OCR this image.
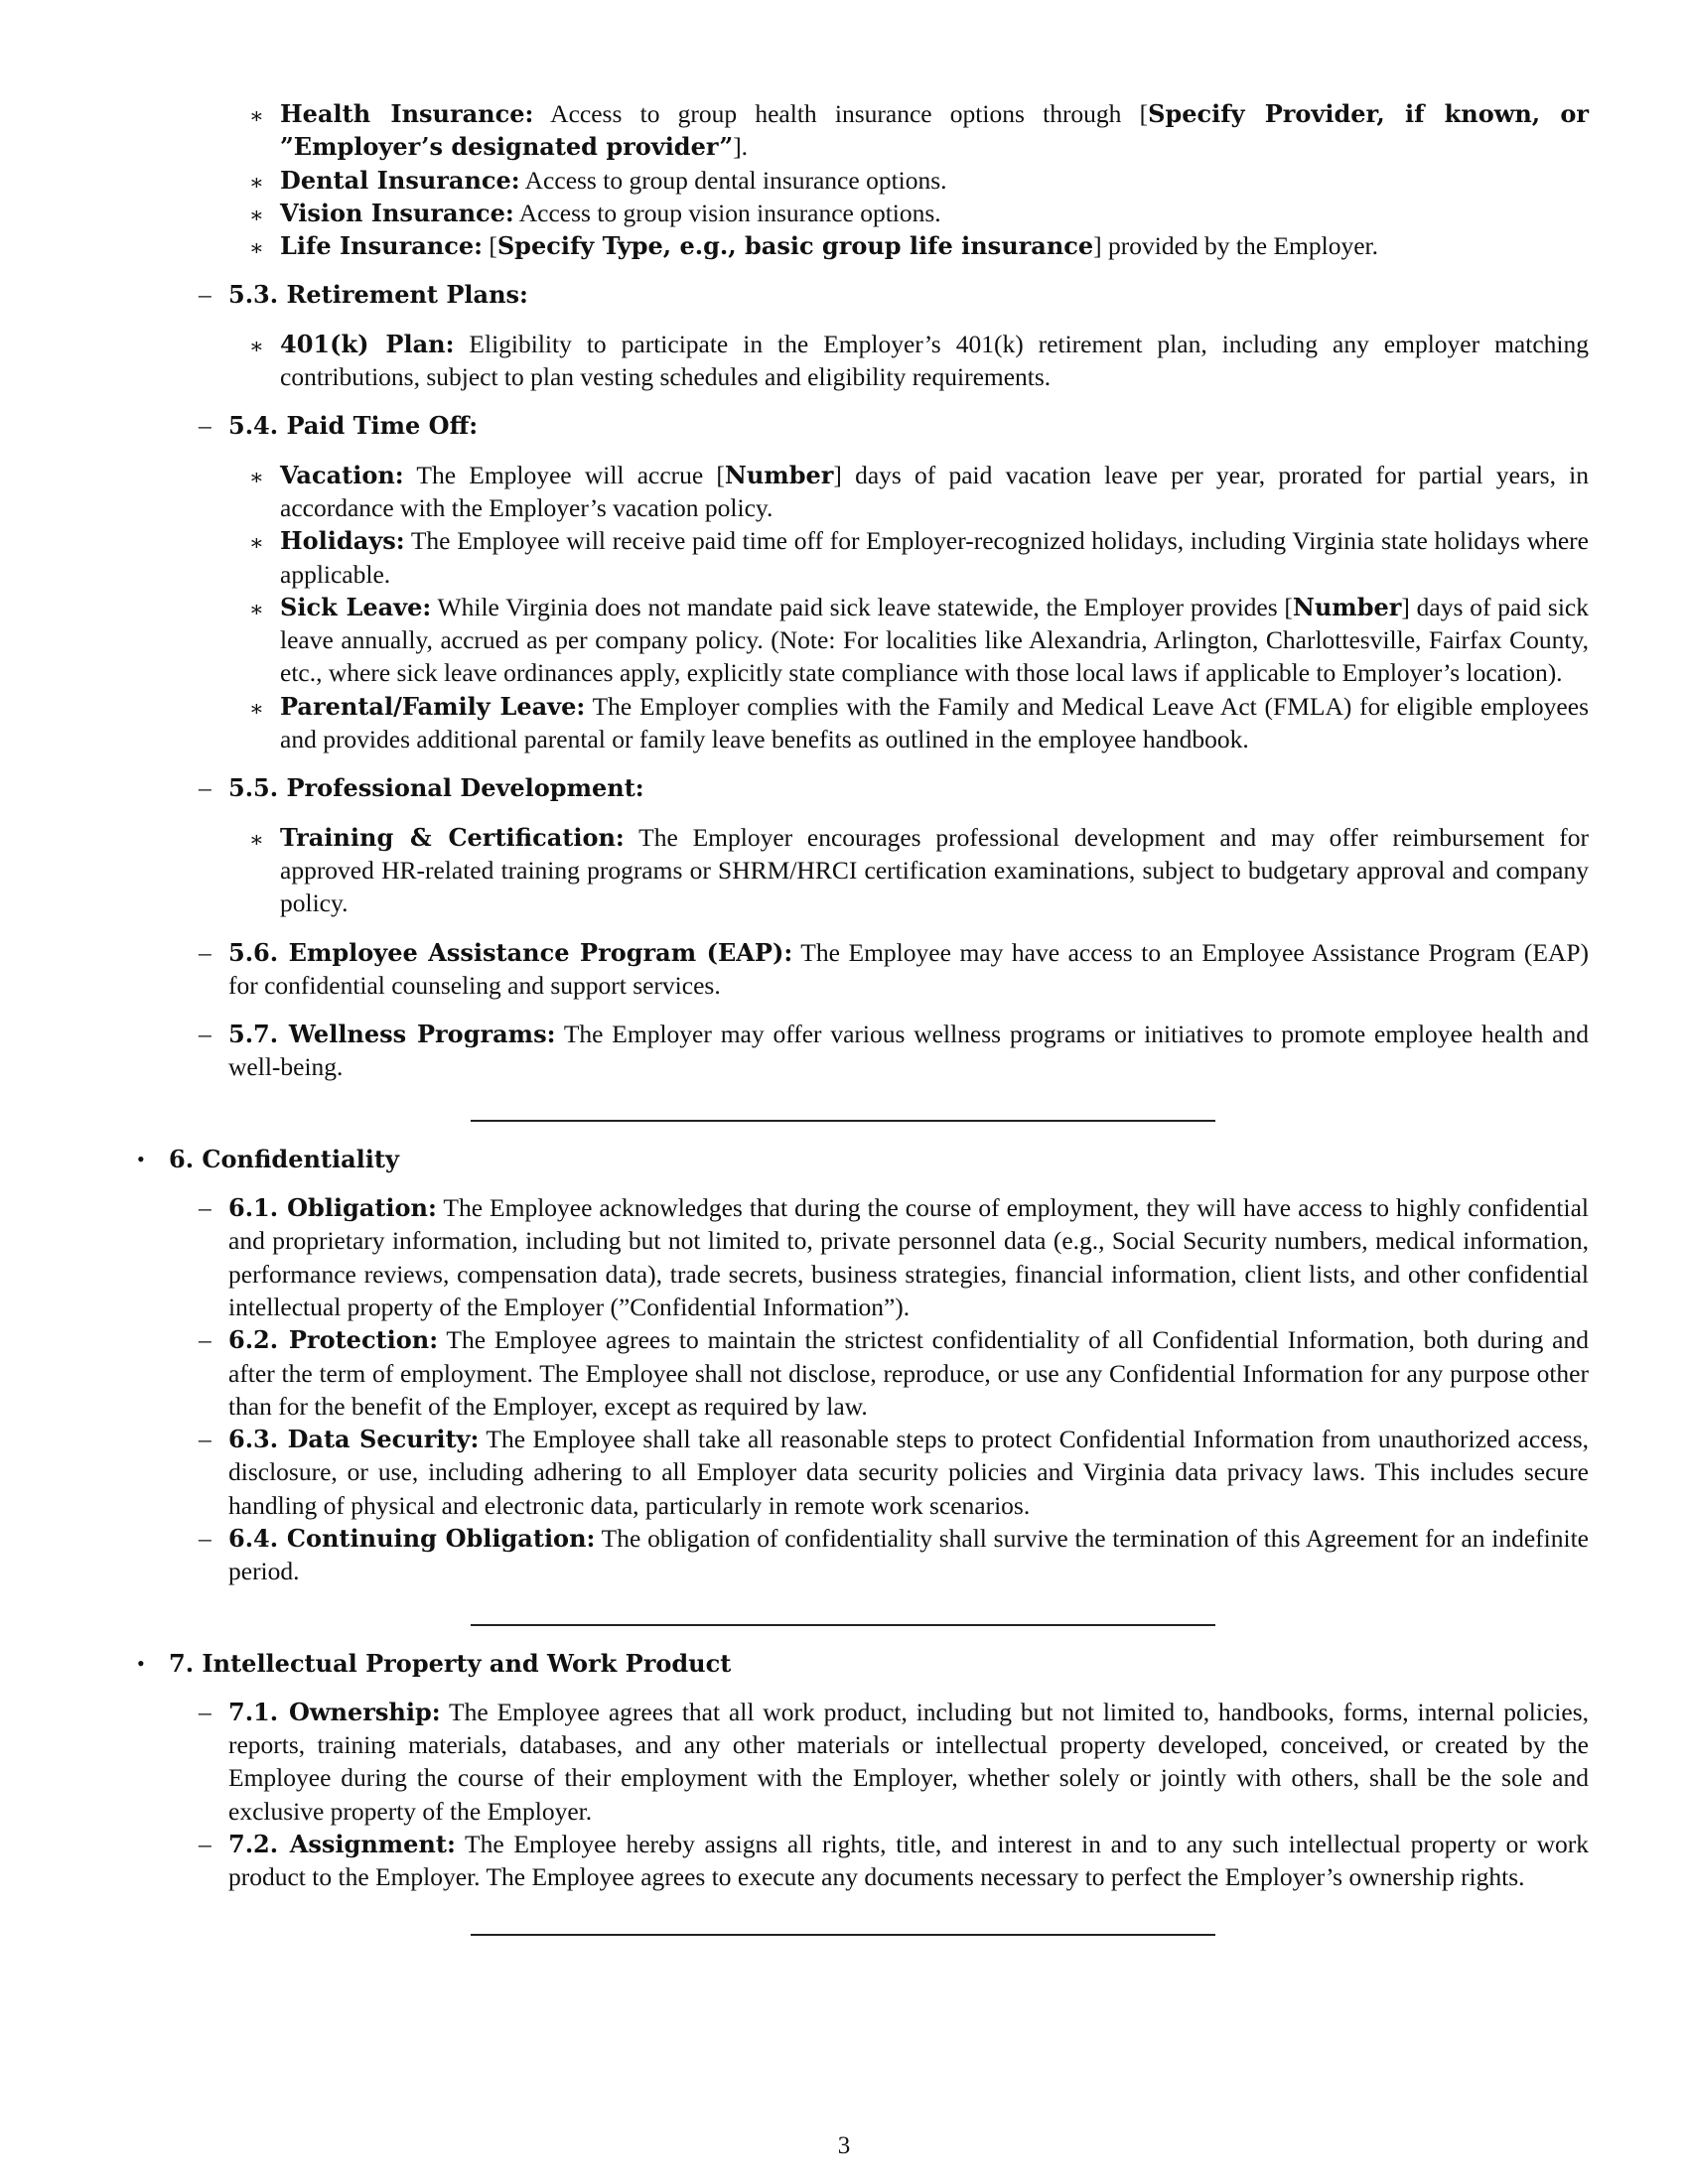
∗ Health Insurance: Access to group health insurance options through [Specify Provider, if known, or ”Employer’s designated provider”].
∗ Dental Insurance: Access to group dental insurance options.
∗ Vision Insurance: Access to group vision insurance options.
∗ Life Insurance: [Specify Type, e.g., basic group life insurance] provided by the Employer.
– 5.3. Retirement Plans:
∗ 401(k) Plan: Eligibility to participate in the Employer’s 401(k) retirement plan, including any employer matching contributions, subject to plan vesting schedules and eligibility requirements.
– 5.4. Paid Time Off:
∗ Vacation: The Employee will accrue [Number] days of paid vacation leave per year, prorated for partial years, in accordance with the Employer’s vacation policy.
∗ Holidays: The Employee will receive paid time off for Employer-recognized holidays, including Virginia state holidays where applicable.
∗ Sick Leave: While Virginia does not mandate paid sick leave statewide, the Employer provides [Number] days of paid sick leave annually, accrued as per company policy. (Note: For localities like Alexandria, Arlington, Charlottesville, Fairfax County, etc., where sick leave ordinances apply, explicitly state compliance with those local laws if applicable to Employer’s location).
∗ Parental/Family Leave: The Employer complies with the Family and Medical Leave Act (FMLA) for eligible employees and provides additional parental or family leave benefits as outlined in the employee handbook.
– 5.5. Professional Development:
∗ Training & Certification: The Employer encourages professional development and may offer reimbursement for approved HR-related training programs or SHRM/HRCI certification examinations, subject to budgetary approval and company policy.
– 5.6. Employee Assistance Program (EAP): The Employee may have access to an Employee Assistance Program (EAP) for confidential counseling and support services.
– 5.7. Wellness Programs: The Employer may offer various wellness programs or initiatives to promote employee health and well-being.
• 6. Confidentiality
– 6.1. Obligation: The Employee acknowledges that during the course of employment, they will have access to highly confidential and proprietary information, including but not limited to, private personnel data (e.g., Social Security numbers, medical information, performance reviews, compensation data), trade secrets, business strategies, financial information, client lists, and other confidential intellectual property of the Employer (”Confidential Information”).
– 6.2. Protection: The Employee agrees to maintain the strictest confidentiality of all Confidential Information, both during and after the term of employment. The Employee shall not disclose, reproduce, or use any Confidential Information for any purpose other than for the benefit of the Employer, except as required by law.
– 6.3. Data Security: The Employee shall take all reasonable steps to protect Confidential Information from unauthorized access, disclosure, or use, including adhering to all Employer data security policies and Virginia data privacy laws. This includes secure handling of physical and electronic data, particularly in remote work scenarios.
– 6.4. Continuing Obligation: The obligation of confidentiality shall survive the termination of this Agreement for an indefinite period.
• 7. Intellectual Property and Work Product
– 7.1. Ownership: The Employee agrees that all work product, including but not limited to, handbooks, forms, internal policies, reports, training materials, databases, and any other materials or intellectual property developed, conceived, or created by the Employee during the course of their employment with the Employer, whether solely or jointly with others, shall be the sole and exclusive property of the Employer.
– 7.2. Assignment: The Employee hereby assigns all rights, title, and interest in and to any such intellectual property or work product to the Employer. The Employee agrees to execute any documents necessary to perfect the Employer’s ownership rights.
3
